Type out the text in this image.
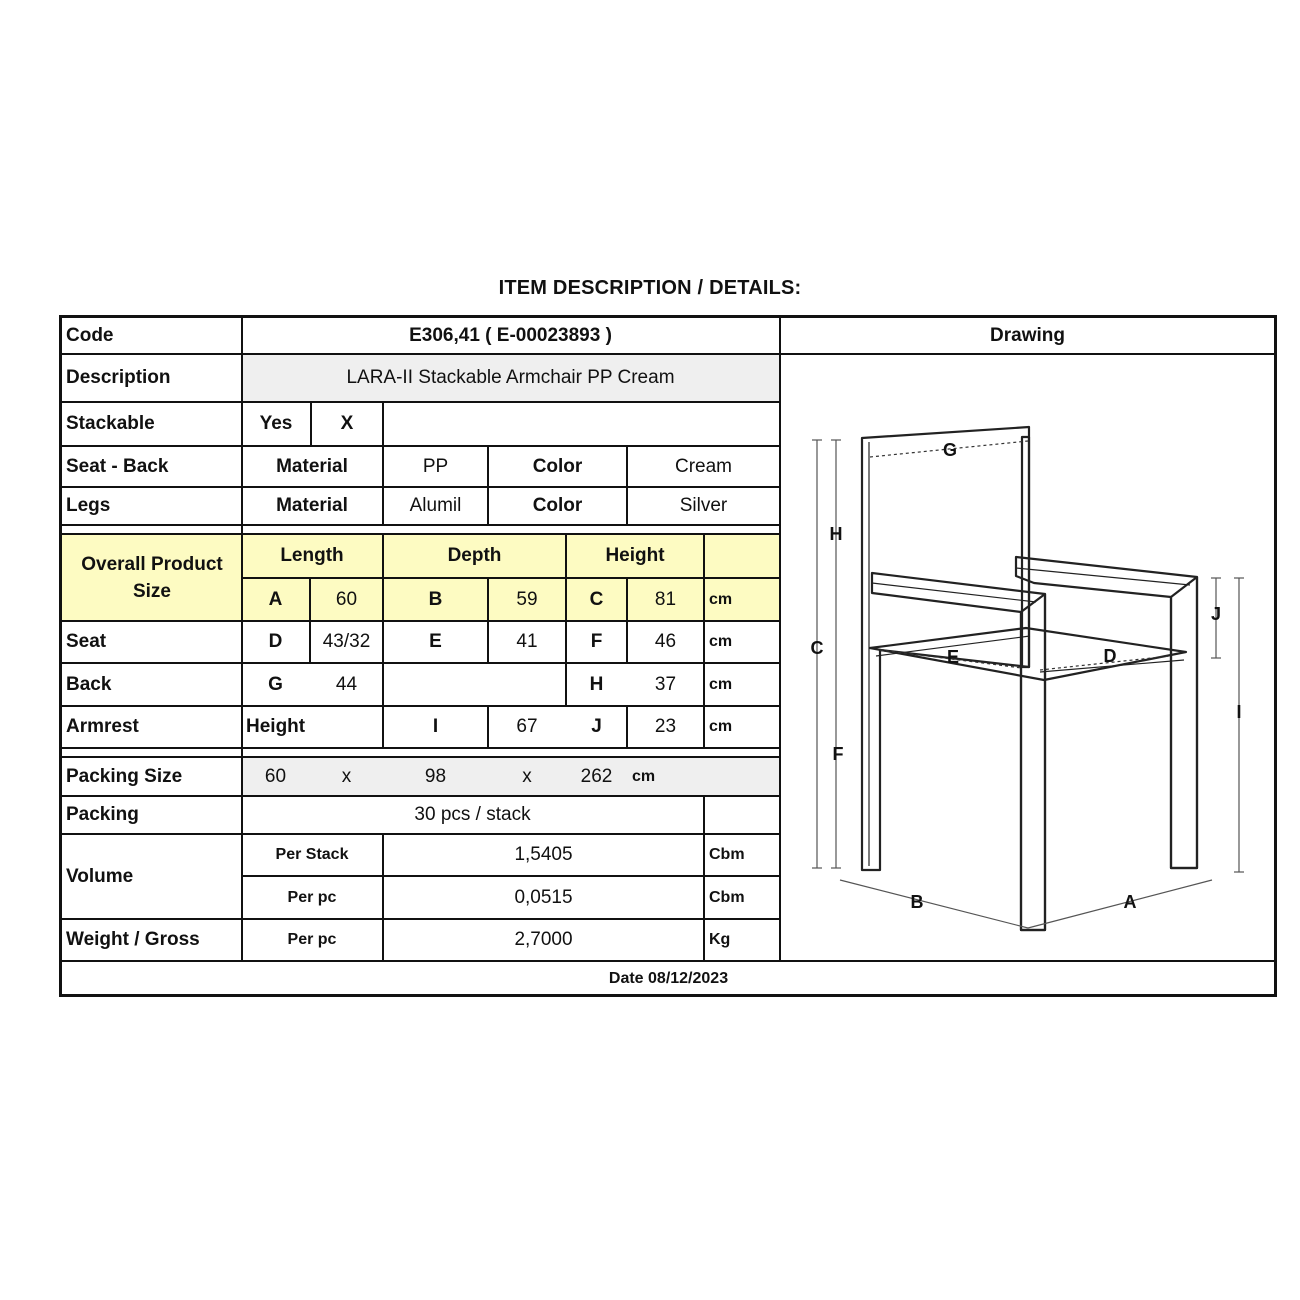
ITEM DESCRIPTION / DETAILS:
Code	E306,41 ( E-00023893 )	Drawing
Description	LARA-II Stackable Armchair PP Cream
Stackable	Yes	X
Seat - Back	Material	PP	Color	Cream
Legs	Material	Alumil	Color	Silver
Overall Product Size
Length	Depth	Height
A	60	B	59	C	81	cm
Seat	D	43/32	E	41	F	46	cm
Back	G	44	H	37	cm
Armrest	Height	I	67	J	23	cm
Packing Size	60	x	98	x	262	cm
Packing	30 pcs / stack
Volume
Per Stack	1,5405	Cbm
Per pc	0,0515	Cbm
Weight / Gross	Per pc	2,7000	Kg
Date 08/12/2023
G
H
C
F
E	D
J
I
B	A
